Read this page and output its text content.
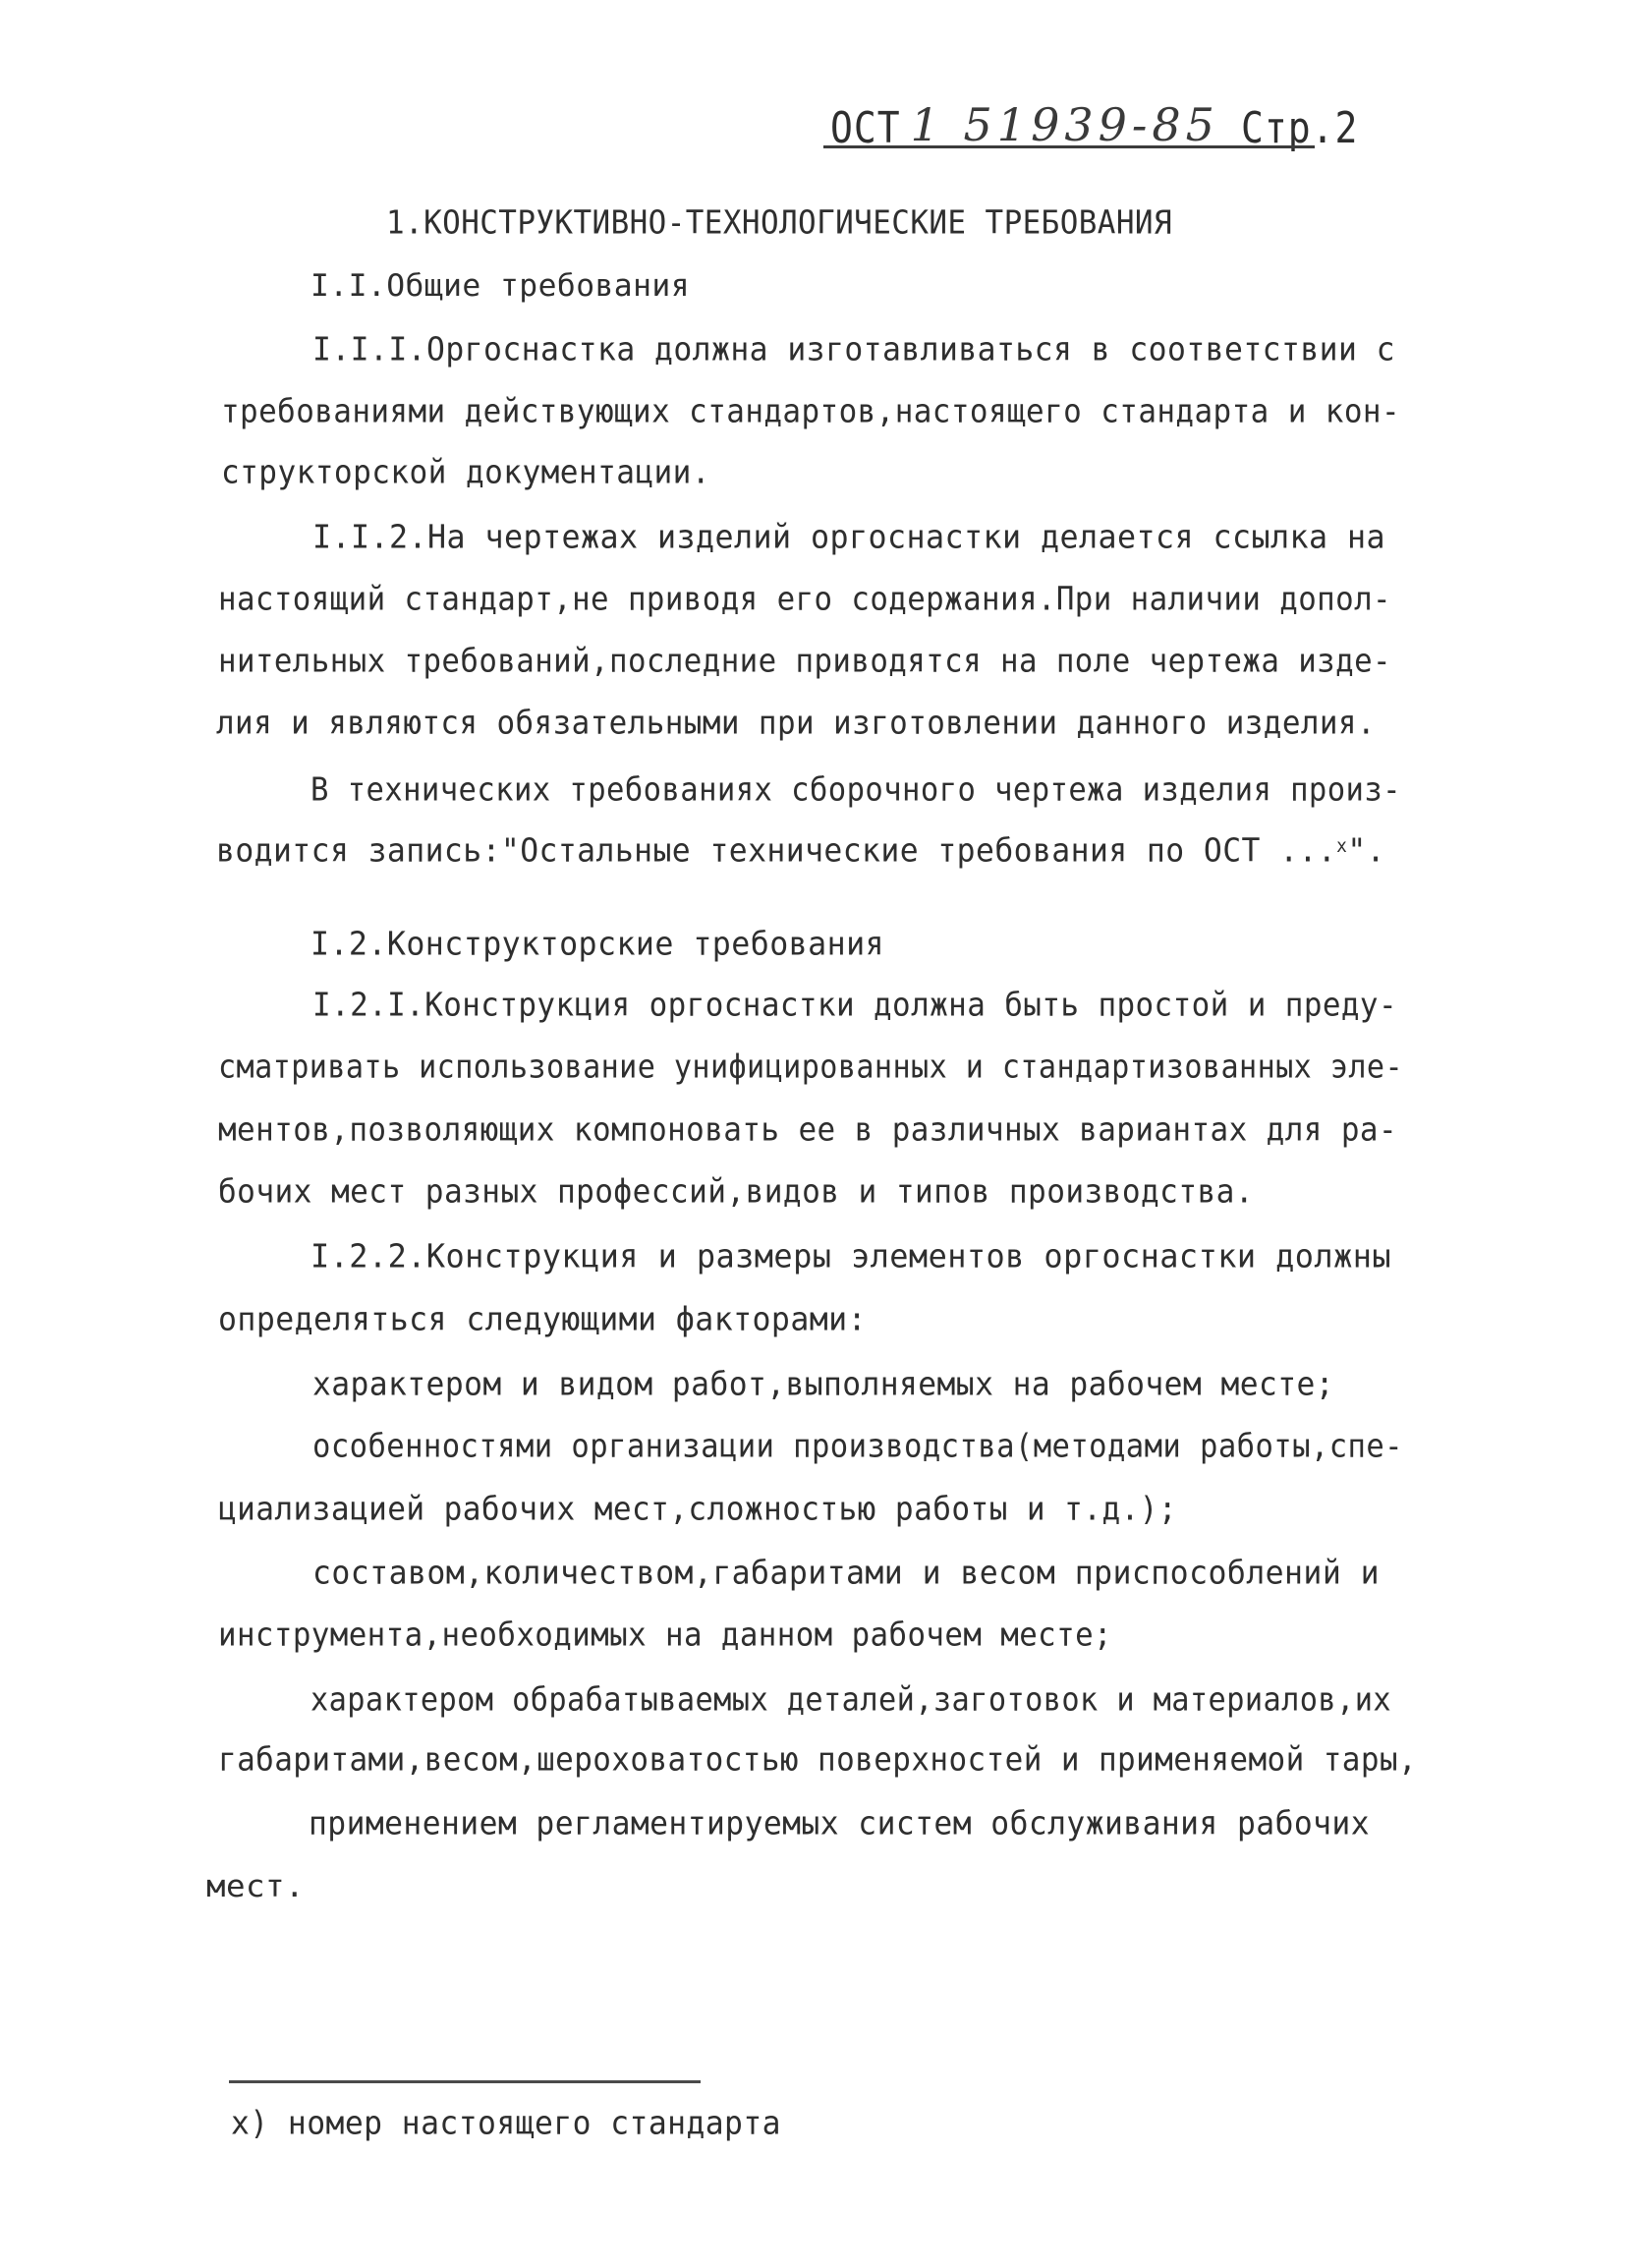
ОСТ 1 51939-85 Стр.2

1.КОНСТРУКТИВНО-ТЕХНОЛОГИЧЕСКИЕ ТРЕБОВАНИЯ

I.I.Общие требования

I.I.I.Оргоснастка должна изготавливаться в соответствии с

требованиями действующих стандартов,настоящего стандарта и кон-

структорской документации.

I.I.2.На чертежах изделий оргоснастки делается ссылка на

настоящий стандарт,не приводя его содержания.При наличии допол-

нительных требований,последние приводятся на поле чертежа изде-

лия и являются обязательными при изготовлении данного изделия.

В технических требованиях сборочного чертежа изделия произ-

водится запись:"Остальные технические требования по ОСТ ...$^х$".

I.2.Конструкторские требования

I.2.I.Конструкция оргоснастки должна быть простой и преду-

сматривать использование унифицированных и стандартизованных эле-

ментов,позволяющих компоновать ее в различных вариантах для ра-

бочих мест разных профессий,видов и типов производства.

I.2.2.Конструкция и размеры элементов оргоснастки должны

определяться следующими факторами:

характером и видом работ,выполняемых на рабочем месте;

особенностями организации производства(методами работы,спе-

циализацией рабочих мест,сложностью работы и т.д.);

составом,количеством,габаритами и весом приспособлений и

инструмента,необходимых на данном рабочем месте;

характером обрабатываемых деталей,заготовок и материалов,их

габаритами,весом,шероховатостью поверхностей и применяемой тары,

применением регламентируемых систем обслуживания рабочих

мест.

х) номер настоящего стандарта
